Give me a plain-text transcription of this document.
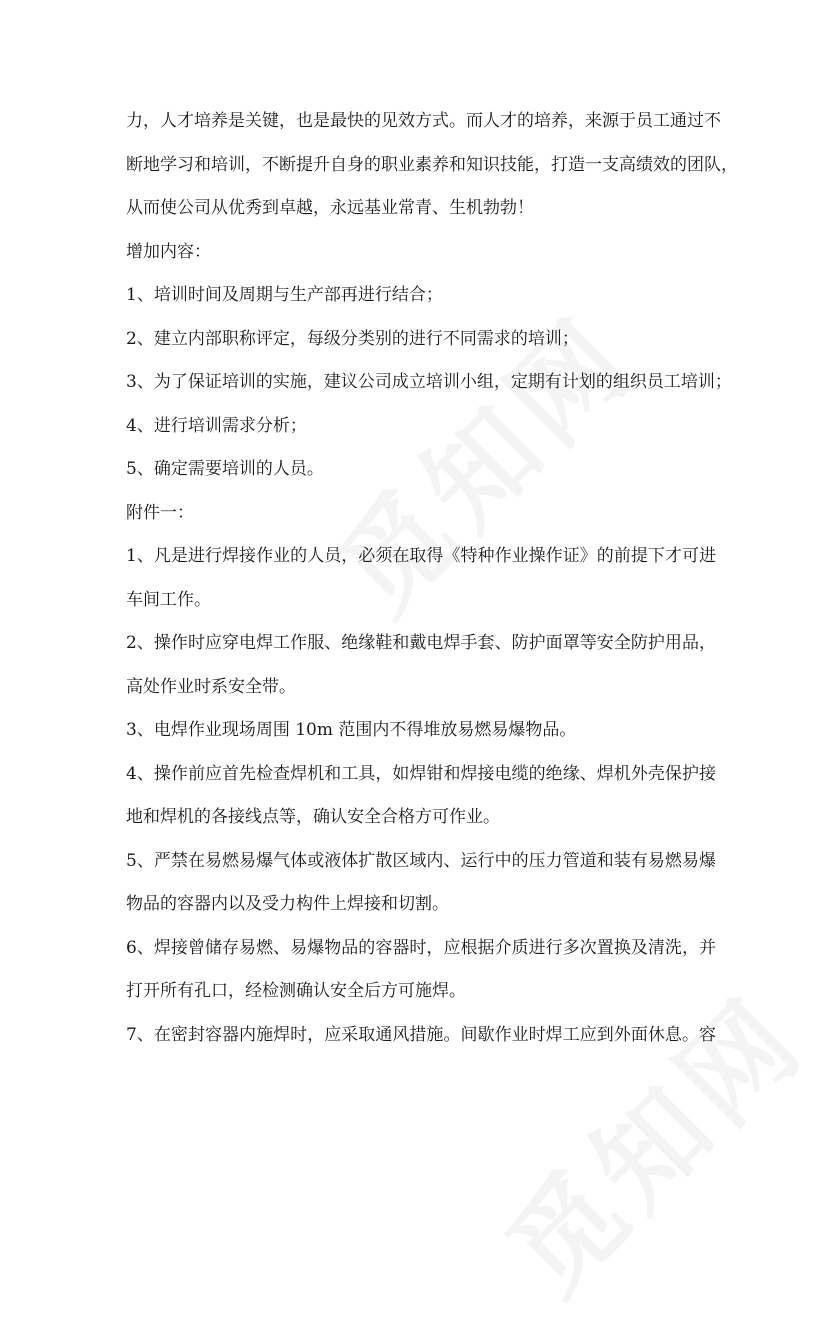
力，人才培养是关键，也是最快的见效方式。而人才的培养，来源于员工通过不
断地学习和培训，不断提升自身的职业素养和知识技能，打造一支高绩效的团队，
从而使公司从优秀到卓越，永远基业常青、生机勃勃！
增加内容：
1、培训时间及周期与生产部再进行结合；
2、建立内部职称评定，每级分类别的进行不同需求的培训；
3、为了保证培训的实施，建议公司成立培训小组，定期有计划的组织员工培训；
4、进行培训需求分析；
5、确定需要培训的人员。
附件一：
1、凡是进行焊接作业的人员，必须在取得《特种作业操作证》的前提下才可进
车间工作。
2、操作时应穿电焊工作服、绝缘鞋和戴电焊手套、防护面罩等安全防护用品，
高处作业时系安全带。
3、电焊作业现场周围 10m 范围内不得堆放易燃易爆物品。
4、操作前应首先检查焊机和工具，如焊钳和焊接电缆的绝缘、焊机外壳保护接
地和焊机的各接线点等，确认安全合格方可作业。
5、严禁在易燃易爆气体或液体扩散区域内、运行中的压力管道和装有易燃易爆
物品的容器内以及受力构件上焊接和切割。
6、焊接曾储存易燃、易爆物品的容器时，应根据介质进行多次置换及清洗，并
打开所有孔口，经检测确认安全后方可施焊。
7、在密封容器内施焊时，应采取通风措施。间歇作业时焊工应到外面休息。容
